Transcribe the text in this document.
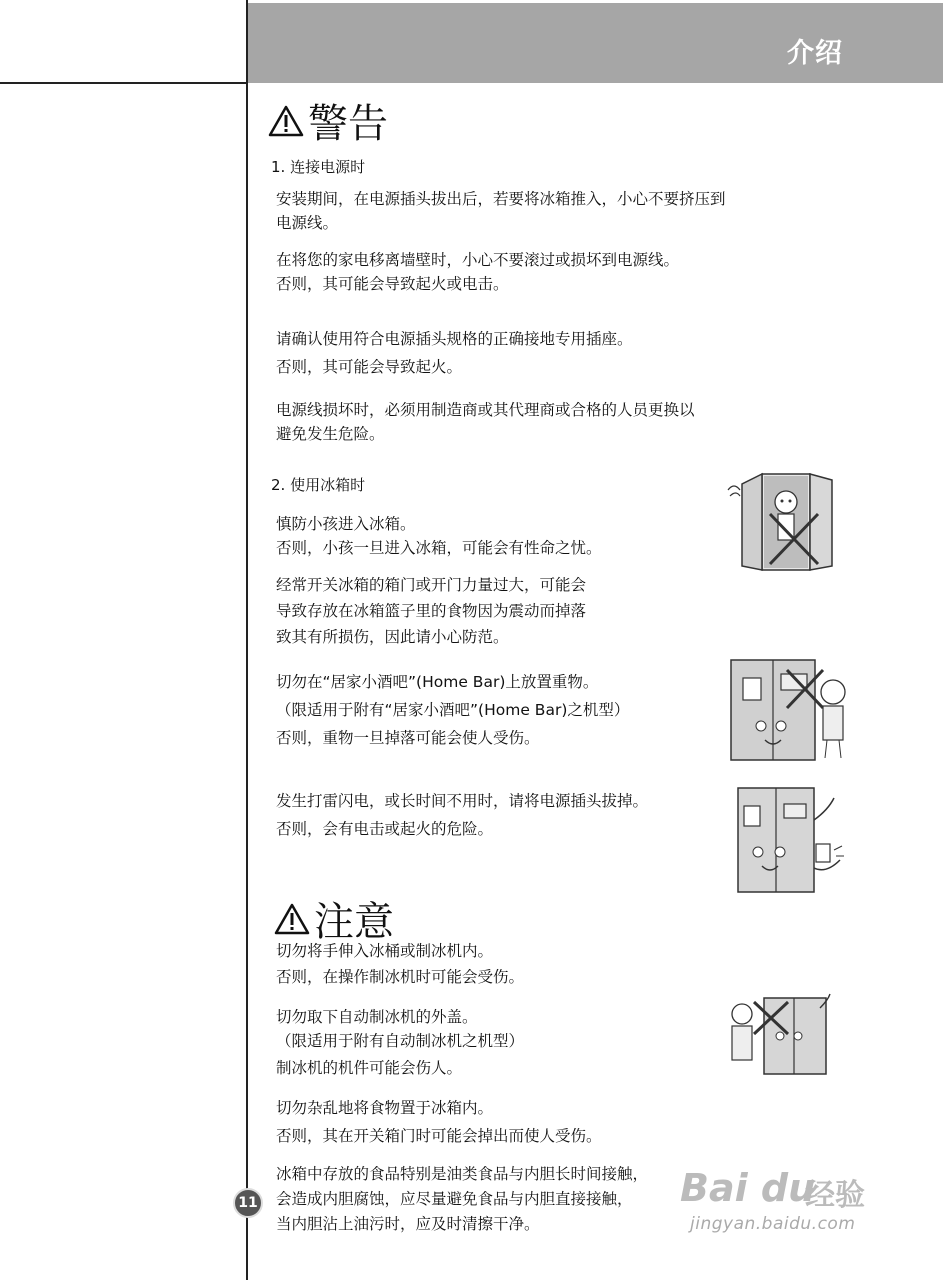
介绍
警告
1. 连接电源时
安装期间，在电源插头拔出后，若要将冰箱推入，小心不要挤压到
电源线。
在将您的家电移离墙壁时，小心不要滚过或损坏到电源线。
否则，其可能会导致起火或电击。
请确认使用符合电源插头规格的正确接地专用插座。
否则，其可能会导致起火。
电源线损坏时，必须用制造商或其代理商或合格的人员更换以
避免发生危险。
2. 使用冰箱时
慎防小孩进入冰箱。
否则，小孩一旦进入冰箱，可能会有性命之忧。
经常开关冰箱的箱门或开门力量过大，可能会
导致存放在冰箱篮子里的食物因为震动而掉落
致其有所损伤，因此请小心防范。
切勿在“居家小酒吧”(Home Bar)上放置重物。
（限适用于附有“居家小酒吧”(Home Bar)之机型）
否则，重物一旦掉落可能会使人受伤。
发生打雷闪电，或长时间不用时，请将电源插头拔掉。
否则，会有电击或起火的危险。
注意
切勿将手伸入冰桶或制冰机内。
否则，在操作制冰机时可能会受伤。
切勿取下自动制冰机的外盖。
（限适用于附有自动制冰机之机型）
制冰机的机件可能会伤人。
切勿杂乱地将食物置于冰箱内。
否则，其在开关箱门时可能会掉出而使人受伤。
冰箱中存放的食品特别是油类食品与内胆长时间接触，
会造成内胆腐蚀，应尽量避免食品与内胆直接接触，
当内胆沾上油污时，应及时清擦干净。
11	Bai du
经验
jingyan.baidu.com
